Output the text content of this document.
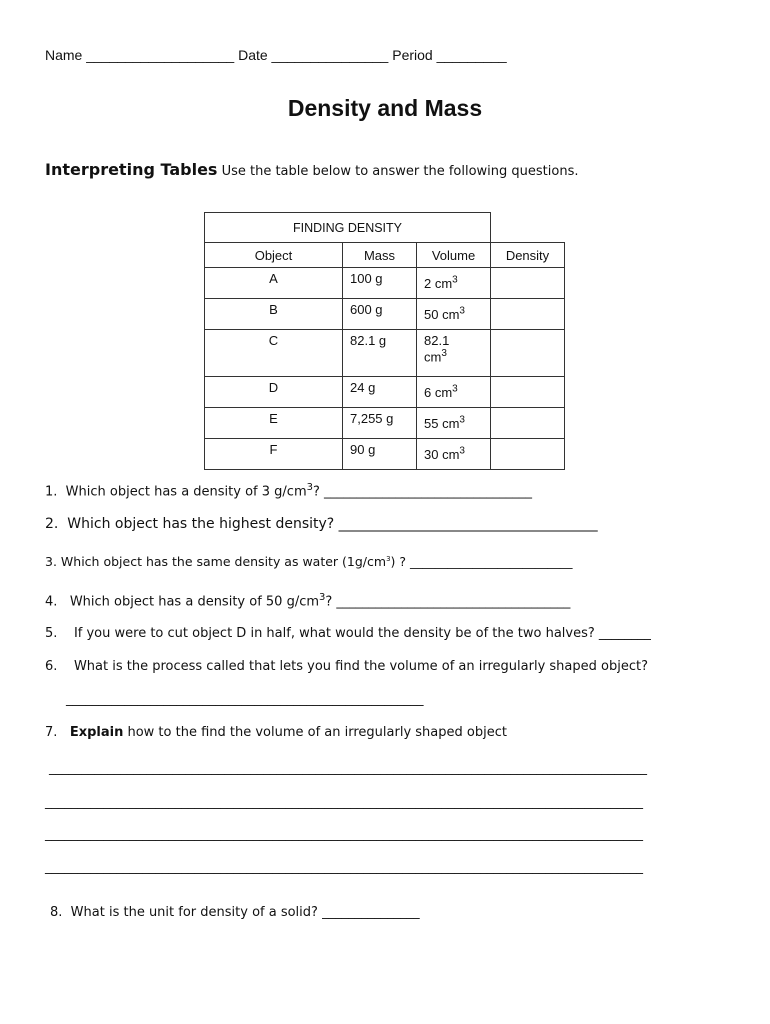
Name ___________________ Date _______________ Period _________
Density and Mass
Interpreting Tables Use the table below to answer the following questions.
FINDING DENSITY			
Object	Mass	Volume	Density
A	100 g	2 $cm^3$	
B	600 g	50 $cm^3$	
C	82.1 g	82.1
$cm^3$	
D	24 g	6 $cm^3$	
E	7,255 g	55 $cm^3$	
F	90 g	30 $cm^3$	
1. Which object has a density of 3 $g/cm^3$? ________________________________
2. Which object has the highest density? _____________________________________
3. Which object has the same density as water $(1g/cm^3)$ ? __________________________
4. Which object has a density of 50 $g/cm^3$? ____________________________________
5. If you were to cut object D in half, what would the density be of the two halves? ________
6. What is the process called that lets you find the volume of an irregularly shaped object?
_______________________________________________________
7. Explain how to the find the volume of an irregularly shaped object
____________________________________________________________________________________________
____________________________________________________________________________________________
____________________________________________________________________________________________
____________________________________________________________________________________________
8. What is the unit for density of a solid? _______________
